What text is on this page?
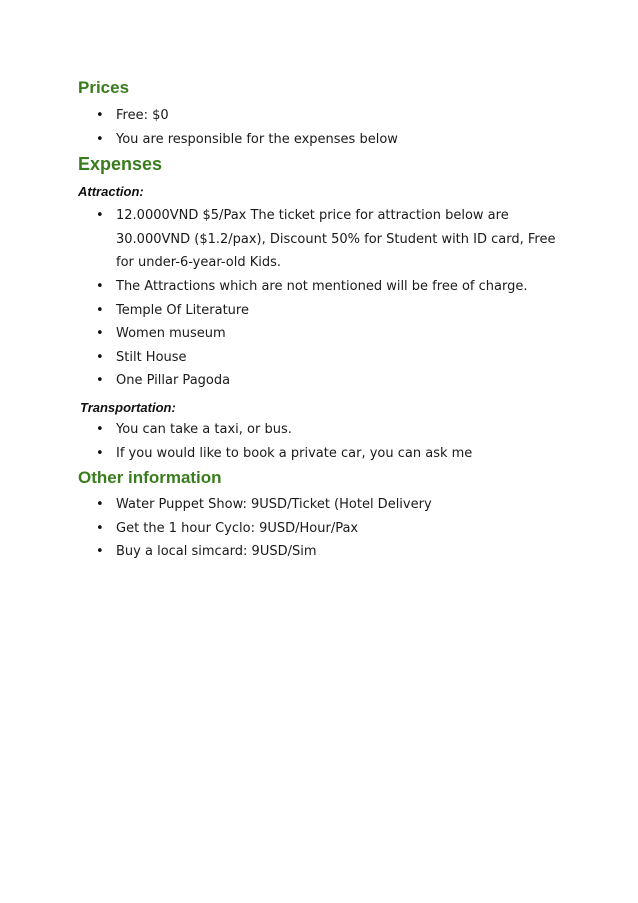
Prices
• Free: $0
• You are responsible for the expenses below
Expenses
Attraction:
• 12.0000VND $5/Pax The ticket price for attraction below are 30.000VND ($1.2/pax), Discount 50% for Student with ID card, Free for under-6-year-old Kids.
• The Attractions which are not mentioned will be free of charge.
• Temple Of Literature
• Women museum
• Stilt House
• One Pillar Pagoda
Transportation:
• You can take a taxi, or bus.
• If you would like to book a private car, you can ask me
Other information
• Water Puppet Show: 9USD/Ticket (Hotel Delivery
• Get the 1 hour Cyclo: 9USD/Hour/Pax
• Buy a local simcard: 9USD/Sim
